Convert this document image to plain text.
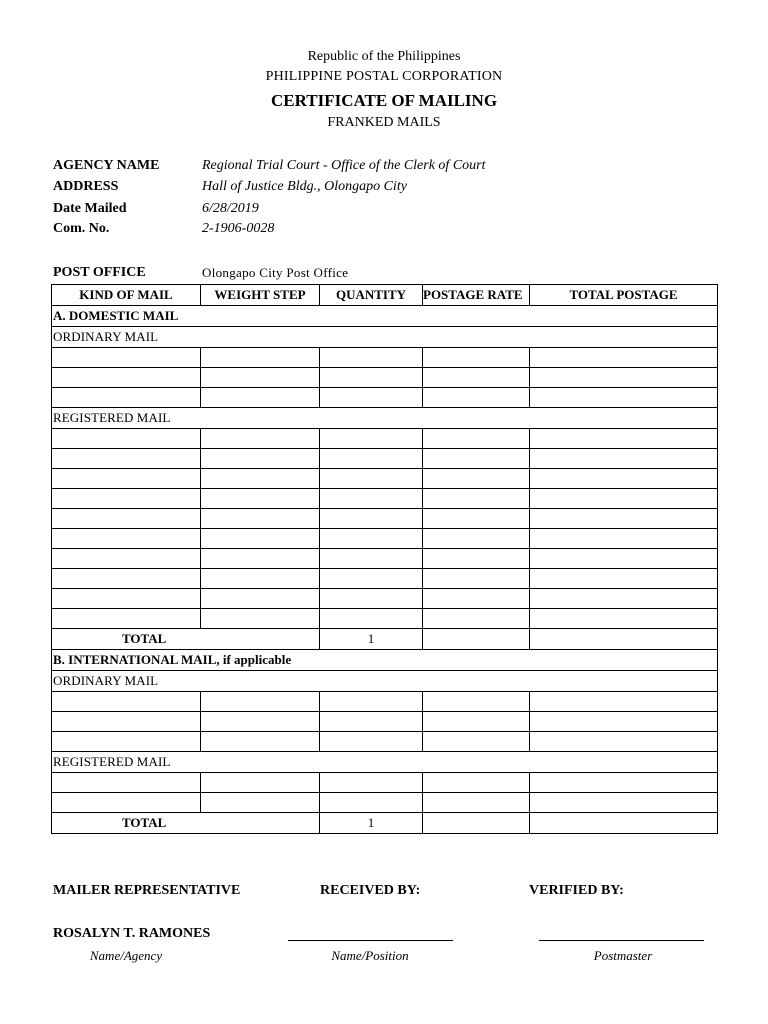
Republic of the Philippines
PHILIPPINE POSTAL CORPORATION
CERTIFICATE OF MAILING
FRANKED MAILS
AGENCY NAME	Regional Trial Court - Office of the Clerk of Court
ADDRESS	Hall of Justice Bldg., Olongapo City
Date Mailed	6/28/2019
Com. No.	2-1906-0028
POST OFFICE	Olongapo City Post Office
KIND OF MAIL	WEIGHT STEP	QUANTITY	POSTAGE RATE	TOTAL POSTAGE
A. DOMESTIC MAIL				
ORDINARY MAIL				

REGISTERED MAIL				

TOTAL		1		
B. INTERNATIONAL MAIL, if applicable				
ORDINARY MAIL				

REGISTERED MAIL				

TOTAL		1		
MAILER REPRESENTATIVE	RECEIVED BY:	VERIFIED BY:
ROSALYN T. RAMONES
Name/Agency	Name/Position	Postmaster
